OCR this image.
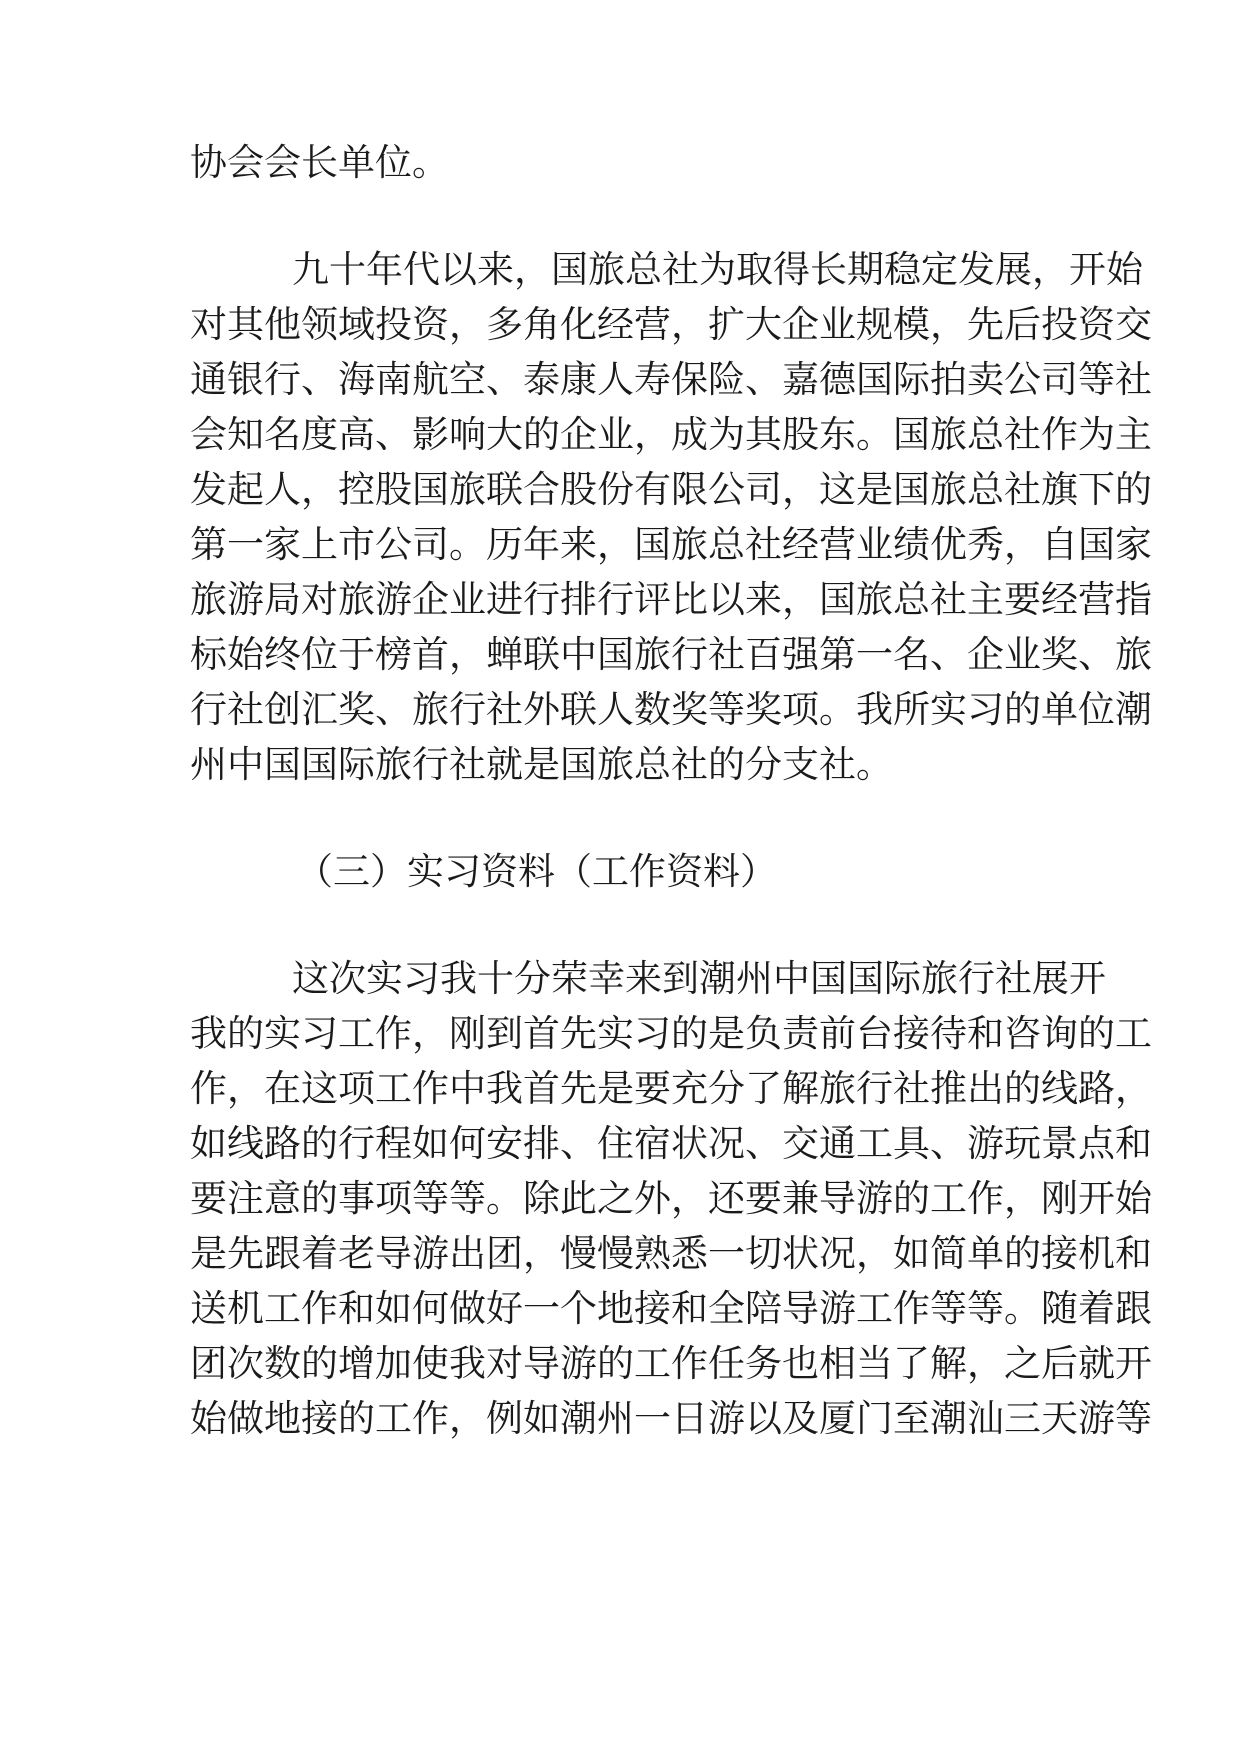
协会会长单位。

九十年代以来，国旅总社为取得长期稳定发展，开始

对其他领域投资，多角化经营，扩大企业规模，先后投资交

通银行、海南航空、泰康人寿保险、嘉德国际拍卖公司等社

会知名度高、影响大的企业，成为其股东。国旅总社作为主

发起人，控股国旅联合股份有限公司，这是国旅总社旗下的

第一家上市公司。历年来，国旅总社经营业绩优秀，自国家

旅游局对旅游企业进行排行评比以来，国旅总社主要经营指

标始终位于榜首，蝉联中国旅行社百强第一名、企业奖、旅

行社创汇奖、旅行社外联人数奖等奖项。我所实习的单位潮

州中国国际旅行社就是国旅总社的分支社。

（三）实习资料（工作资料）

这次实习我十分荣幸来到潮州中国国际旅行社展开

我的实习工作，刚到首先实习的是负责前台接待和咨询的工

作，在这项工作中我首先是要充分了解旅行社推出的线路，

如线路的行程如何安排、住宿状况、交通工具、游玩景点和

要注意的事项等等。除此之外，还要兼导游的工作，刚开始

是先跟着老导游出团，慢慢熟悉一切状况，如简单的接机和

送机工作和如何做好一个地接和全陪导游工作等等。随着跟

团次数的增加使我对导游的工作任务也相当了解，之后就开

始做地接的工作，例如潮州一日游以及厦门至潮汕三天游等
